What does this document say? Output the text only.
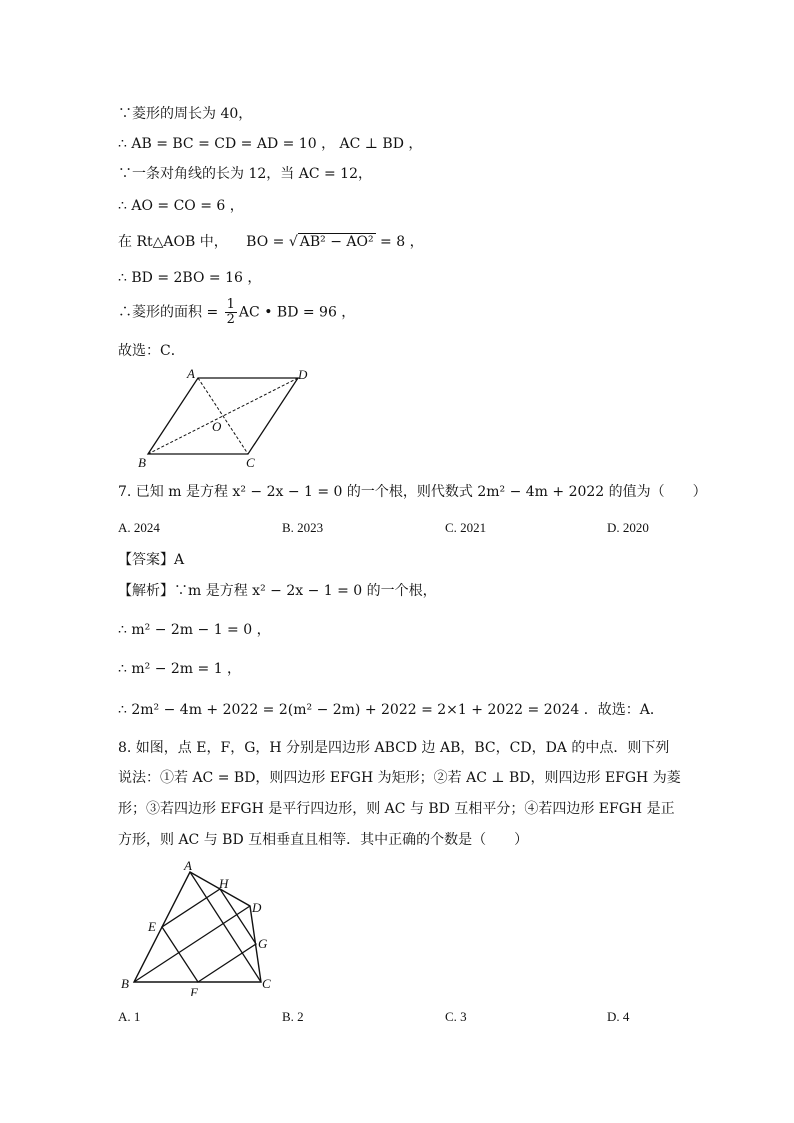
∵菱形的周长为 40，
∴ AB = BC = CD = AD = 10 ， AC ⊥ BD ，
∵一条对角线的长为 12，当 AC = 12，
∴ AO = CO = 6 ，
在 Rt△AOB 中， BO = √ AB² − AO² = 8 ，
∴ BD = 2BO = 16 ，
∴菱形的面积 = $\frac{1}{2}$ AC • BD = 96 ，
故选：C．
A	D
O
B	C
7. 已知 m 是方程 x² − 2x − 1 = 0 的一个根，则代数式 2m² − 4m + 2022 的值为（　　）
A. 2024	B. 2023	C. 2021	D. 2020
【答案】A
【解析】∵m 是方程 x² − 2x − 1 = 0 的一个根，
∴ m² − 2m − 1 = 0 ，
∴ m² − 2m = 1 ，
∴ 2m² − 4m + 2022 = 2(m² − 2m) + 2022 = 2×1 + 2022 = 2024 ．故选：A．
8. 如图，点 E，F，G，H 分别是四边形 ABCD 边 AB，BC，CD，DA 的中点．则下列
说法：①若 AC = BD，则四边形 EFGH 为矩形；②若 AC ⊥ BD，则四边形 EFGH 为菱
形；③若四边形 EFGH 是平行四边形，则 AC 与 BD 互相平分；④若四边形 EFGH 是正
方形，则 AC 与 BD 互相垂直且相等．其中正确的个数是（　　）
A
H
D
E
G
B
F
C
A. 1	B. 2	C. 3	D. 4
